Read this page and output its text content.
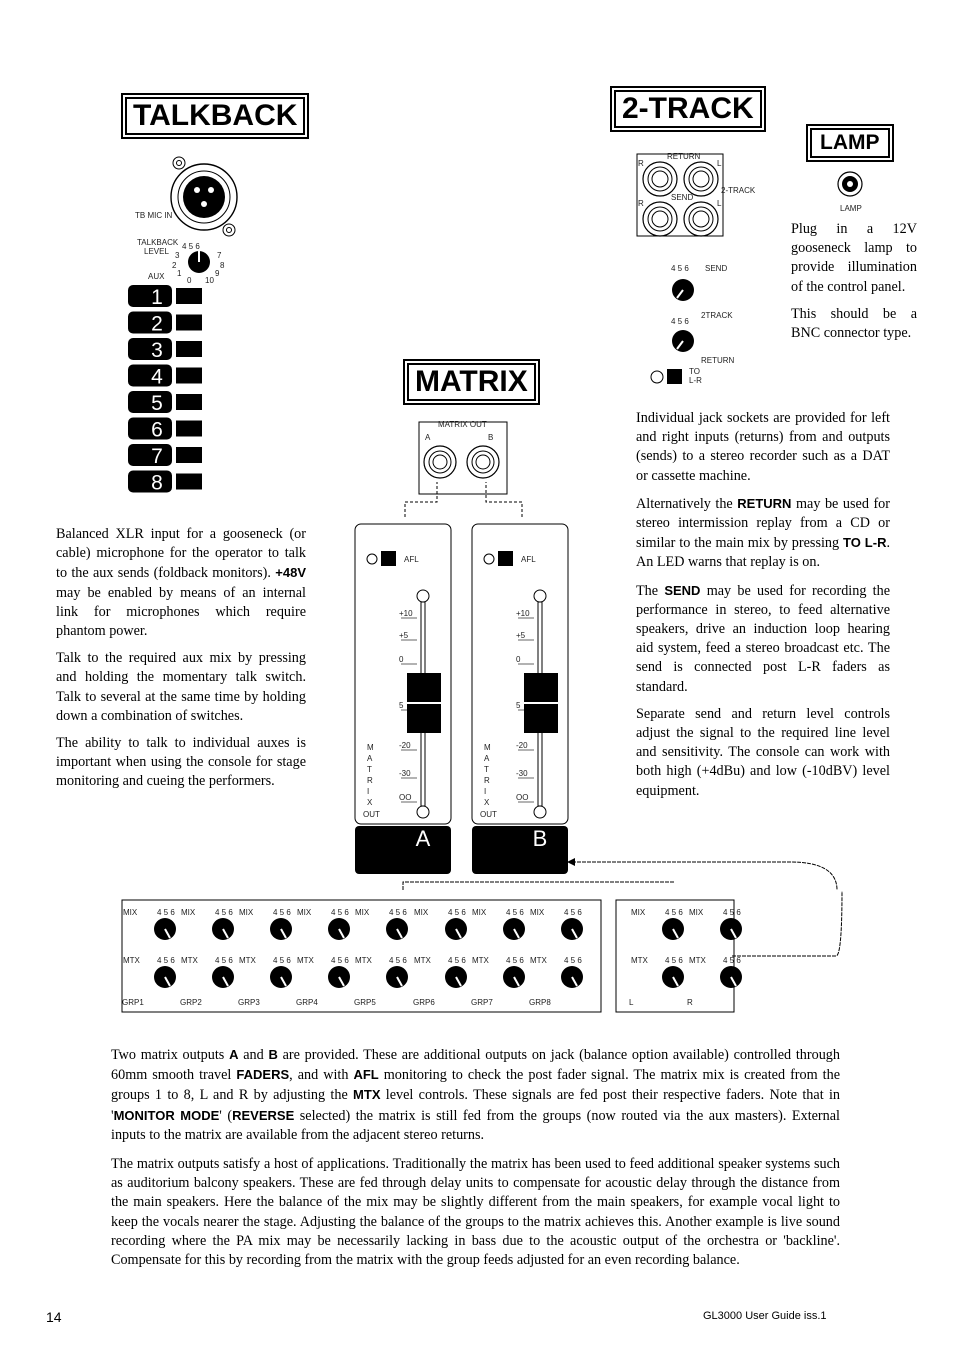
TALKBACK	2-TRACK
LAMP
MATRIX
TB MIC IN
TALKBACK
LEVEL
AUX
4 5 6
3	7
2	8
1	9
0 10
1
2
3
4
5
6
7
8
RETURN
SEND
2-TRACK
R	L
R	L
SEND
4 5 6
2TRACK
4 5 6
RETURN
TO
L-R
LAMP
MATRIX OUT
A	B
AFL
+10
+5
0
5
-20
-30
OO
M
A
T
R
I
X
OUT
A
AFL
+10
+5
0
5
-20
-30
OO
M
A
T
R
I
X
OUT
B
MIX 4 5 6
MTX 4 5 6
GRP1
MIX 4 5 6
MTX 4 5 6
GRP2
MIX 4 5 6
MTX 4 5 6
GRP3
MIX 4 5 6
MTX 4 5 6
GRP4
MIX 4 5 6
MTX 4 5 6
GRP5
MIX 4 5 6
MTX 4 5 6
GRP6
MIX 4 5 6
MTX 4 5 6
GRP7
MIX 4 5 6
MTX 4 5 6
GRP8
MIX 4 5 6
MTX 4 5 6
L
MIX 4 5 6
MTX 4 5 6
R

Plug in a 12V gooseneck lamp to provide illumination of the control panel.

This should be a BNC connector type.

Balanced XLR input for a gooseneck (or cable) microphone for the operator to talk to the aux sends (foldback monitors). +48V may be enabled by means of an internal link for microphones which require phantom power.

Talk to the required aux mix by pressing and holding the momentary talk switch. Talk to several at the same time by holding down a combination of switches.

The ability to talk to individual auxes is important when using the console for stage monitoring and cueing the performers.

Individual jack sockets are provided for left and right inputs (returns) from and outputs (sends) to a stereo recorder such as a DAT or cassette machine.

Alternatively the RETURN may be used for stereo intermission replay from a CD or similar to the main mix by pressing TO L-R. An LED warns that replay is on.

The SEND may be used for recording the performance in stereo, to feed alternative speakers, drive an induction loop hearing aid system, feed a stereo broadcast etc. The send is connected post L-R faders as standard.

Separate send and return level controls adjust the signal to the required line level and sensitivity. The console can work with both high (+4dBu) and low (-10dBV) level equipment.

Two matrix outputs A and B are provided. These are additional outputs on jack (balance option available) controlled through 60mm smooth travel FADERS, and with AFL monitoring to check the post fader signal. The matrix mix is created from the groups 1 to 8, L and R by adjusting the MTX level controls. These signals are fed post their respective faders. Note that in 'MONITOR MODE' (REVERSE selected) the matrix is still fed from the groups (now routed via the aux masters). External inputs to the matrix are available from the adjacent stereo returns.

The matrix outputs satisfy a host of applications. Traditionally the matrix has been used to feed additional speaker systems such as auditorium balcony speakers. These are fed through delay units to compensate for acoustic delay through the distance from the main speakers. Here the balance of the mix may be slightly different from the main speakers, for example vocal light to keep the vocals nearer the stage. Adjusting the balance of the groups to the matrix achieves this. Another example is live sound recording where the PA mix may be necessarily lacking in bass due to the acoustic output of the orchestra or 'backline'. Compensate for this by recording from the matrix with the group feeds adjusted for an even recording balance.

14	GL3000 User Guide iss.1
